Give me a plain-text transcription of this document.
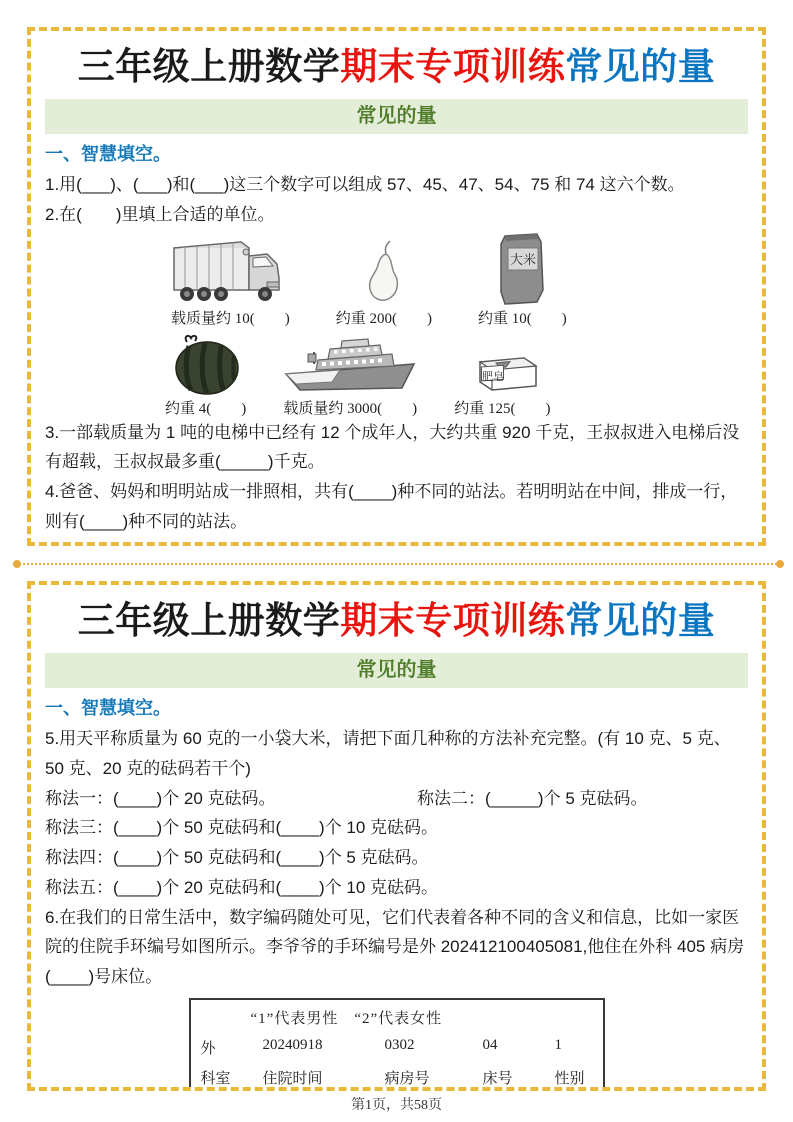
三年级上册数学期末专项训练常见的量
常见的量
一、智慧填空。
1.用(___)、(___)和(___)这三个数字可以组成 57、45、47、54、75 和 74 这六个数。
2.在(　　)里填上合适的单位。
载质量约 10(　　)	约重 200(　　)
大米
约重 10(　　)
约重 4(　　) 载质量约 3000(　　)
肥皂
约重 125(　　)
3.一部载质量为 1 吨的电梯中已经有 12 个成年人，大约共重 920 千克，王叔叔进入电梯后没有超载，王叔叔最多重(_____)千克。
4.爸爸、妈妈和明明站成一排照相，共有(____)种不同的站法。若明明站在中间，排成一行，则有(____)种不同的站法。
三年级上册数学期末专项训练常见的量
常见的量
一、智慧填空。
5.用天平称质量为 60 克的一小袋大米，请把下面几种称的方法补充完整。(有 10 克、5 克、50 克、20 克的砝码若干个)
称法一：(____)个 20 克砝码。	称法二：(_____)个 5 克砝码。
称法三：(____)个 50 克砝码和(____)个 10 克砝码。
称法四：(____)个 50 克砝码和(____)个 5 克砝码。
称法五：(____)个 20 克砝码和(____)个 10 克砝码。
6.在我们的日常生活中，数字编码随处可见，它们代表着各种不同的含义和信息，比如一家医院的住院手环编号如图所示。李爷爷的手环编号是外 202412100405081,他住在外科 405 病房(____)号床位。
“1”代表男性　“2”代表女性
外	20240918	0302	04	1
科室	住院时间	病房号	床号	性别
第1页，共58页
